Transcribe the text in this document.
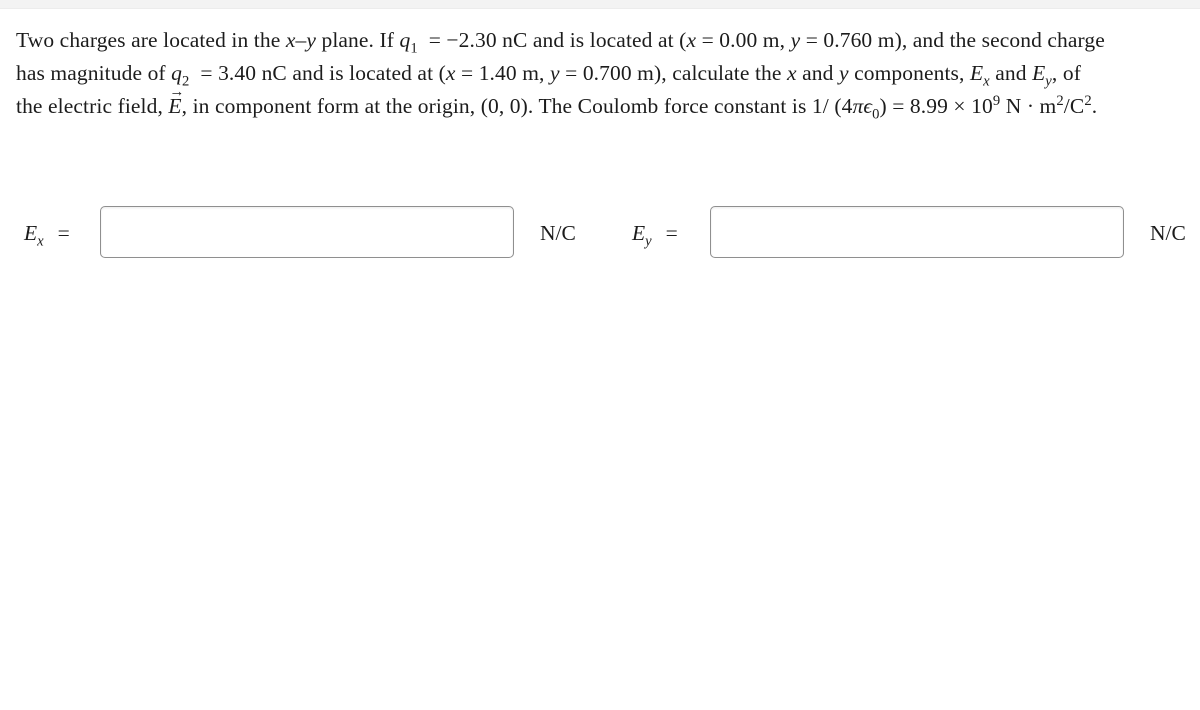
Two charges are located in the x–y plane. If $q_1 = -2.30$ nC and is located at (x = 0.00 m, y = 0.760 m), and the second charge

has magnitude of $q_2 = 3.40$ nC and is located at (x = 1.40 m, y = 0.700 m), calculate the x and y components, $E_x$ and $E_y$, of

the electric field, → E, in component form at the origin, (0, 0). The Coulomb force constant is 1/ $(4\pi\epsilon_0) = 8.99 \times 10^9$ $N \cdot m^2/C^2$.

$E_x$ =	N/C	$E_y$ =	N/C
